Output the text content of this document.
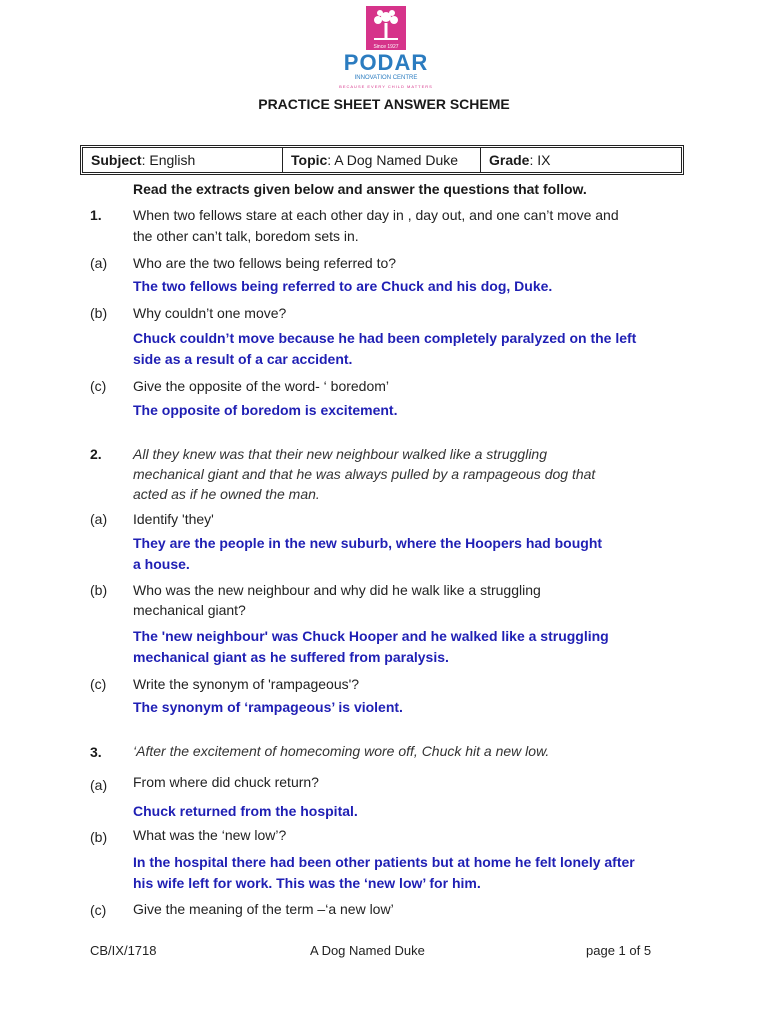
Since 1927
PODAR
INNOVATION CENTRE
BECAUSE EVERY CHILD MATTERS
PRACTICE SHEET ANSWER SCHEME
Subject : English	Topic : A Dog Named Duke Grade : IX
Read the extracts given below and answer the questions that follow.
1. When two fellows stare at each other day in , day out, and one can’t move and
the other can’t talk, boredom sets in.
(a) Who are the two fellows being referred to?
The two fellows being referred to are Chuck and his dog, Duke.
(b) Why couldn’t one move?
Chuck couldn’t move because he had been completely paralyzed on the left
side as a result of a car accident.
(c) Give the opposite of the word- ‘ boredom’
The opposite of boredom is excitement.
2. All they knew was that their new neighbour walked like a struggling
mechanical giant and that he was always pulled by a rampageous dog that
acted as if he owned the man.
(a) Identify 'they'
They are the people in the new suburb, where the Hoopers had bought
a house.
(b) Who was the new neighbour and why did he walk like a struggling
mechanical giant?
The 'new neighbour' was Chuck Hooper and he walked like a struggling
mechanical giant as he suffered from paralysis.
(c) Write the synonym of 'rampageous'?
The synonym of ‘rampageous’ is violent.
3. ‘After the excitement of homecoming wore off, Chuck hit a new low.
(a) From where did chuck return?
Chuck returned from the hospital.
(b) What was the ‘new low’?
In the hospital there had been other patients but at home he felt lonely after
his wife left for work. This was the ‘new low’ for him.
(c) Give the meaning of the term –‘a new low’
CB/IX/1718	A Dog Named Duke	page 1 of 5
